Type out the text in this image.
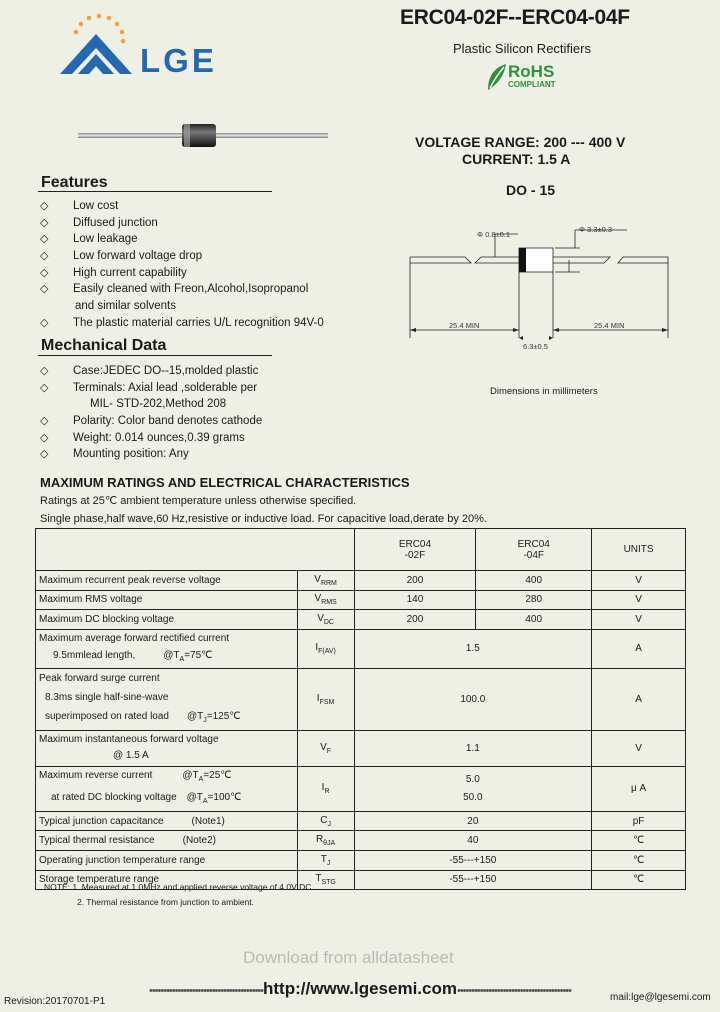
LGE
ERC04-02F--ERC04-04F
Plastic Silicon Rectifiers
RoHS
COMPLIANT
VOLTAGE RANGE: 200 --- 400 V
CURRENT: 1.5 A
DO - 15
Φ 0.8±0.1
Φ 3.3±0.3
25.4 MIN	25.4 MIN
6.3±0.5
Dimensions in millimeters
Features
◇ Low cost
◇ Diffused junction
◇ Low leakage
◇ Low forward voltage drop
◇ High current capability
◇ Easily cleaned with Freon,Alcohol,Isopropanol
and similar solvents
◇ The plastic material carries U/L recognition 94V-0
Mechanical Data
◇ Case:JEDEC DO--15,molded plastic
◇ Terminals: Axial lead ,solderable per
MIL- STD-202,Method 208
◇ Polarity: Color band denotes cathode
◇ Weight: 0.014 ounces,0.39 grams
◇ Mounting position: Any
MAXIMUM RATINGS AND ELECTRICAL CHARACTERISTICS
Ratings at 25℃ ambient temperature unless otherwise specified.
Single phase,half wave,60 Hz,resistive or inductive load. For capacitive load,derate by 20%.
		ERC04
-02F	ERC04
-04F	UNITS
Maximum recurrent peak reverse voltage	$V_{RRM}$	200	400	V
Maximum RMS voltage	$V_{RMS}$	140	280	V
Maximum DC blocking voltage	$V_{DC}$	200	400	V
Maximum average forward rectified current
9.5mmlead length, $@T_A=75℃$	$I_{F(AV)}$	1.5		A
Peak forward surge current
8.3ms single half-sine-wave
superimposed on rated load $@T_J=125℃$	$I_{FSM}$	100.0		A
Maximum instantaneous forward voltage
@ 1.5 A	$V_F$	1.1		V
Maximum reverse current $@T_A=25℃$
at rated DC blocking voltage $@T_A=100℃$	$I_R$	5.0
50.0		μ A
Typical junction capacitance (Note1)	$C_J$	20		pF
Typical thermal resistance (Note2)	$R_{\theta JA}$	40		℃
Operating junction temperature range	$T_J$	-55---+150		℃
Storage temperature range	$T_{STG}$	-55---+150		℃
NOTE: 1. Measured at 1.0MHz and applied reverse voltage of 4.0V DC.
2. Thermal resistance from junction to ambient.
Download from alldatasheet
••••••••••••••••••••••••••••••••••••••••http://www.lgesemi.com••••••••••••••••••••••••••••••••••••••••
Revision:20170701-P1	mail:lge@lgesemi.com
